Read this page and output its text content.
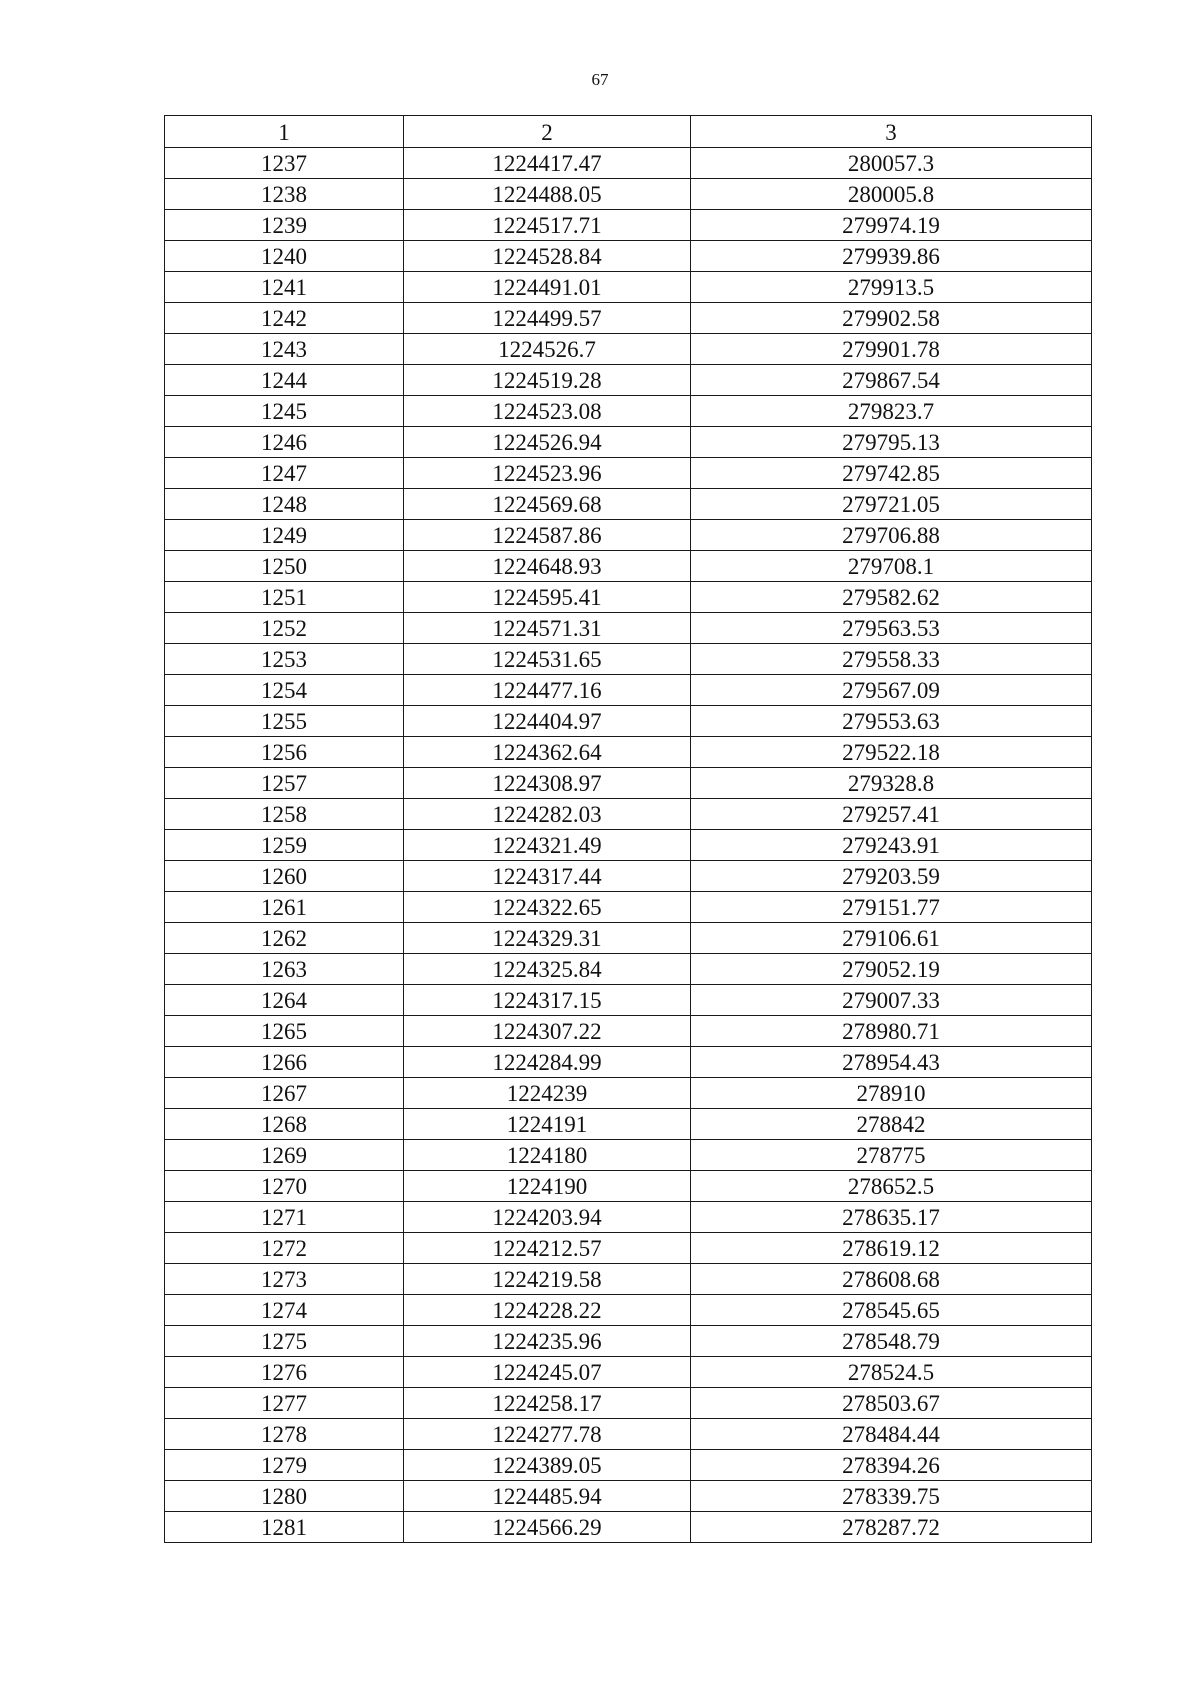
67
1	2	3
1237	1224417.47	280057.3
1238	1224488.05	280005.8
1239	1224517.71	279974.19
1240	1224528.84	279939.86
1241	1224491.01	279913.5
1242	1224499.57	279902.58
1243	1224526.7	279901.78
1244	1224519.28	279867.54
1245	1224523.08	279823.7
1246	1224526.94	279795.13
1247	1224523.96	279742.85
1248	1224569.68	279721.05
1249	1224587.86	279706.88
1250	1224648.93	279708.1
1251	1224595.41	279582.62
1252	1224571.31	279563.53
1253	1224531.65	279558.33
1254	1224477.16	279567.09
1255	1224404.97	279553.63
1256	1224362.64	279522.18
1257	1224308.97	279328.8
1258	1224282.03	279257.41
1259	1224321.49	279243.91
1260	1224317.44	279203.59
1261	1224322.65	279151.77
1262	1224329.31	279106.61
1263	1224325.84	279052.19
1264	1224317.15	279007.33
1265	1224307.22	278980.71
1266	1224284.99	278954.43
1267	1224239	278910
1268	1224191	278842
1269	1224180	278775
1270	1224190	278652.5
1271	1224203.94	278635.17
1272	1224212.57	278619.12
1273	1224219.58	278608.68
1274	1224228.22	278545.65
1275	1224235.96	278548.79
1276	1224245.07	278524.5
1277	1224258.17	278503.67
1278	1224277.78	278484.44
1279	1224389.05	278394.26
1280	1224485.94	278339.75
1281	1224566.29	278287.72
